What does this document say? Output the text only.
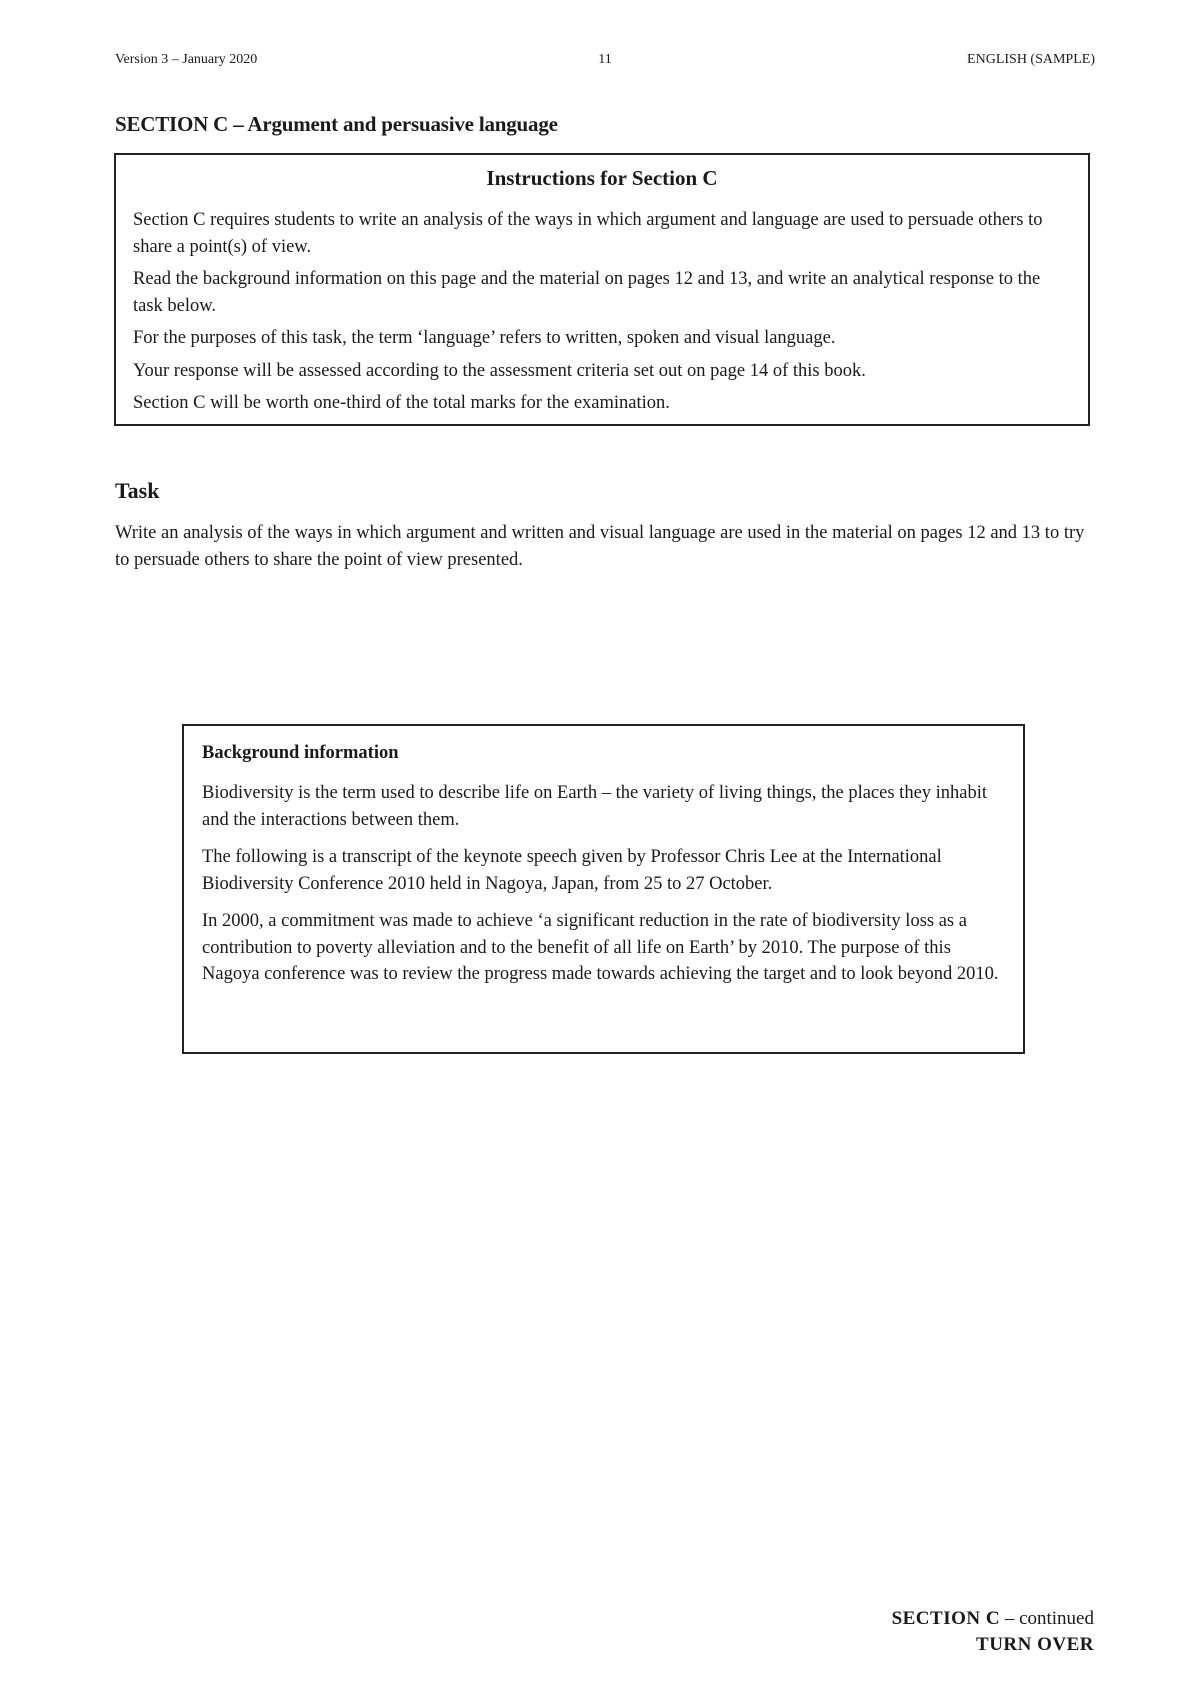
Version 3 – January 2020	11	ENGLISH (SAMPLE)
SECTION C – Argument and persuasive language
Instructions for Section C

Section C requires students to write an analysis of the ways in which argument and language are used to persuade others to share a point(s) of view.

Read the background information on this page and the material on pages 12 and 13, and write an analytical response to the task below.

For the purposes of this task, the term ‘language’ refers to written, spoken and visual language.

Your response will be assessed according to the assessment criteria set out on page 14 of this book.

Section C will be worth one-third of the total marks for the examination.

Task

Write an analysis of the ways in which argument and written and visual language are used in the material on pages 12 and 13 to try to persuade others to share the point of view presented.

Background information

Biodiversity is the term used to describe life on Earth – the variety of living things, the places they inhabit and the interactions between them.

The following is a transcript of the keynote speech given by Professor Chris Lee at the International Biodiversity Conference 2010 held in Nagoya, Japan, from 25 to 27 October.

In 2000, a commitment was made to achieve ‘a significant reduction in the rate of biodiversity loss as a contribution to poverty alleviation and to the benefit of all life on Earth’ by 2010. The purpose of this Nagoya conference was to review the progress made towards achieving the target and to look beyond 2010.

SECTION C – continued
TURN OVER
